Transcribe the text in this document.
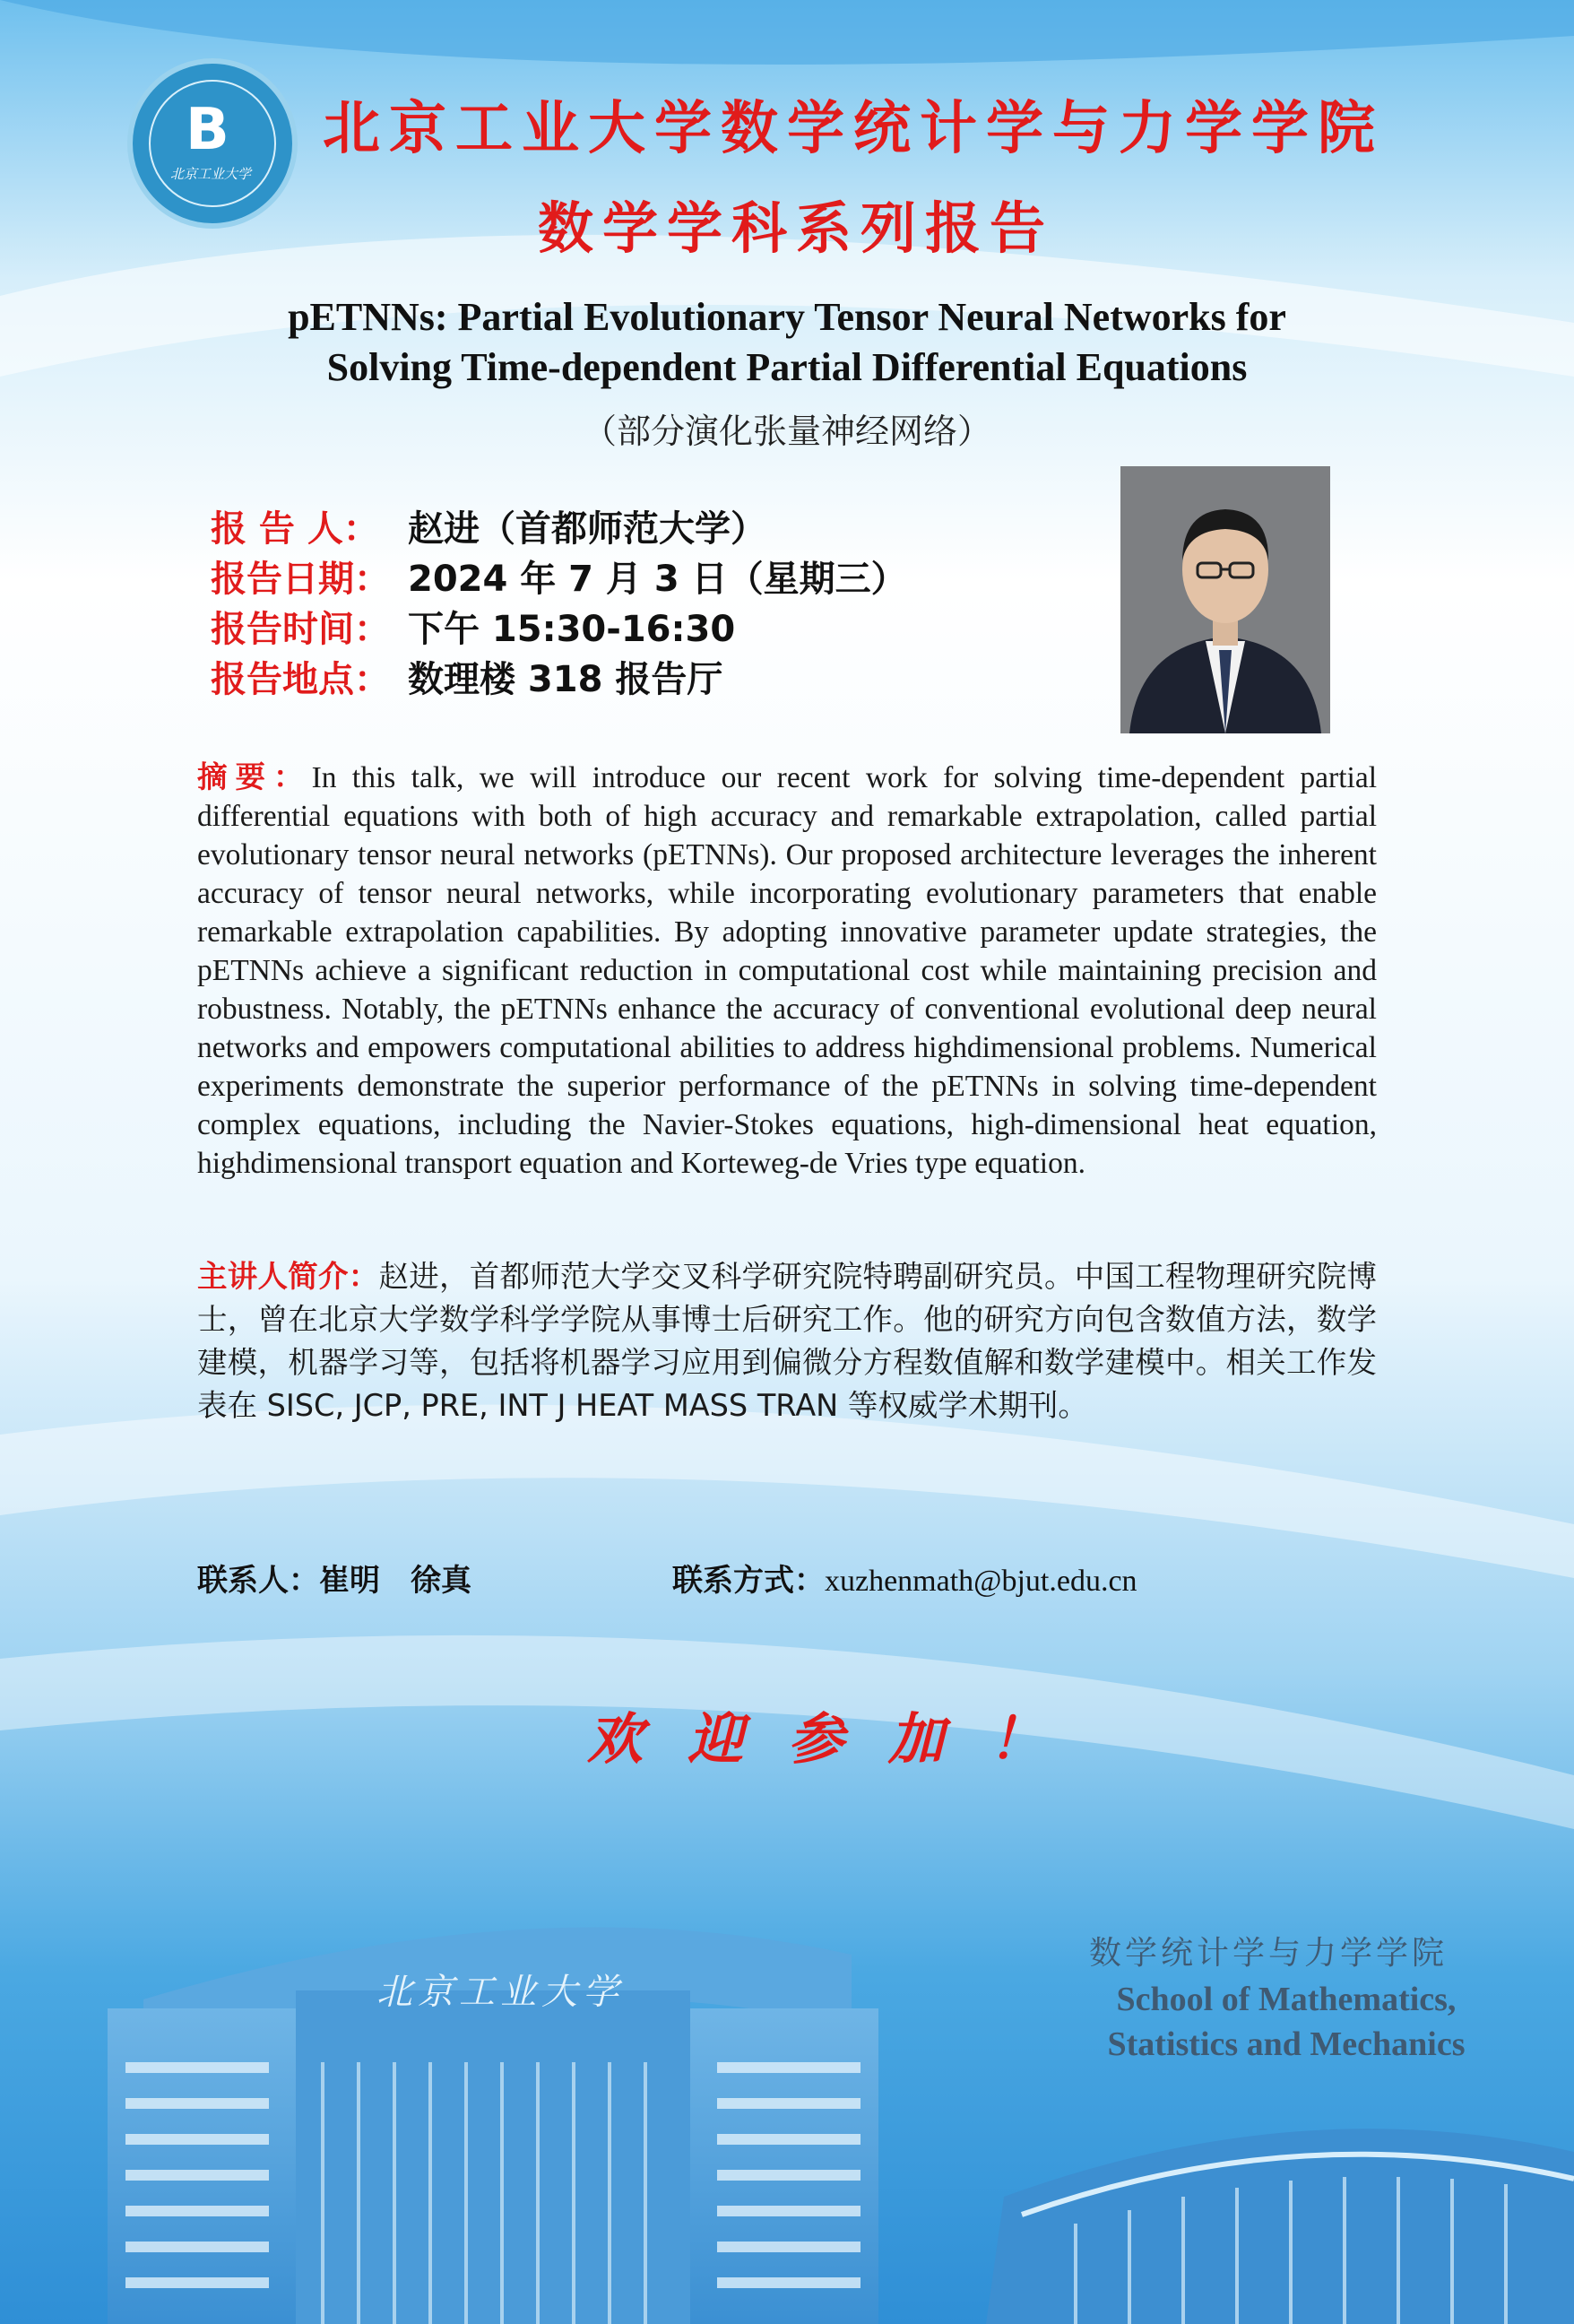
B
北京工业大学
北京工业大学
北京工业大学数学统计学与力学学院
数学学科系列报告
pETNNs: Partial Evolutionary Tensor Neural Networks for
Solving Time-dependent Partial Differential Equations
（部分演化张量神经网络）
报 告 人： 赵进（首都师范大学）
报告日期： 2024 年 7 月 3 日（星期三）
报告时间： 下午 15:30-16:30
报告地点： 数理楼 318 报告厅
摘要：In this talk, we will introduce our recent work for solving time-dependent partial differential equations with both of high accuracy and remarkable extrapolation, called partial evolutionary tensor neural networks (pETNNs). Our proposed architecture leverages the inherent accuracy of tensor neural networks, while incorporating evolutionary parameters that enable remarkable extrapolation capabilities. By adopting innovative parameter update strategies, the pETNNs achieve a significant reduction in computational cost while maintaining precision and robustness. Notably, the pETNNs enhance the accuracy of conventional evolutional deep neural networks and empowers computational abilities to address highdimensional problems. Numerical experiments demonstrate the superior performance of the pETNNs in solving time-dependent complex equations, including the Navier-Stokes equations, high-dimensional heat equation, highdimensional transport equation and Korteweg-de Vries type equation.
主讲人简介：赵进，首都师范大学交叉科学研究院特聘副研究员。中国工程物理研究院博士，曾在北京大学数学科学学院从事博士后研究工作。他的研究方向包含数值方法，数学建模，机器学习等，包括将机器学习应用到偏微分方程数值解和数学建模中。相关工作发表在 SISC, JCP, PRE, INT J HEAT MASS TRAN 等权威学术期刊。
联系人：崔明　徐真	联系方式：xuzhenmath@bjut.edu.cn
欢迎参加！
数学统计学与力学学院
School of Mathematics,
Statistics and Mechanics
